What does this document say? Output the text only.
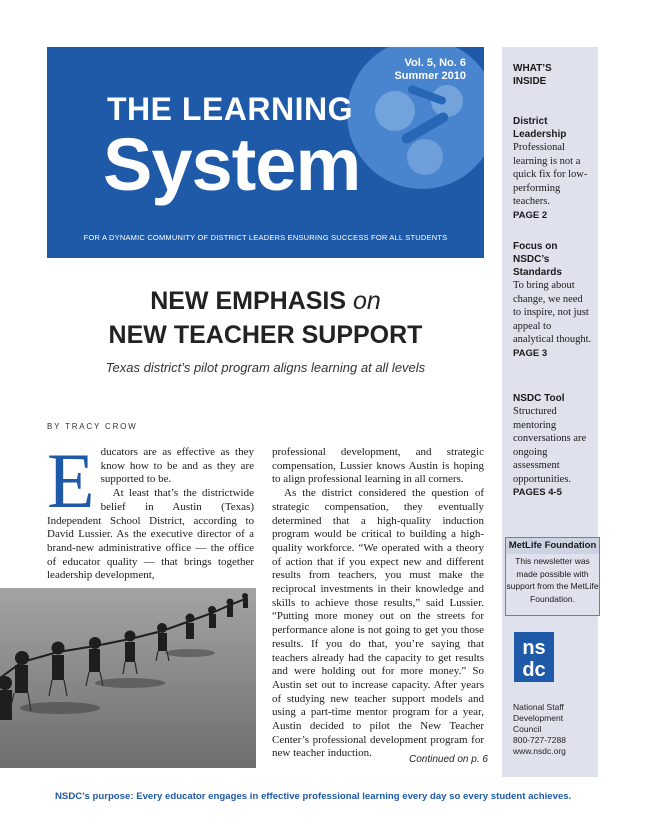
Vol. 5, No. 6
Summer 2010
THE LEARNING
System
FOR A DYNAMIC COMMUNITY OF DISTRICT LEADERS ENSURING SUCCESS FOR ALL STUDENTS
NEW EMPHASIS on
NEW TEACHER SUPPORT
Texas district’s pilot program aligns learning at all levels
BY TRACY CROW

Educators are as effective as they know how to be and as they are supported to be.

At least that’s the districtwide belief in Austin (Texas) Independent School District, according to David Lussier. As the executive director of a brand-new administrative office — the office of educator quality — that brings together leadership development,

professional development, and strategic compensation, Lussier knows Austin is hoping to align professional learning in all corners.

As the district considered the question of strategic compensation, they eventually determined that a high-quality induction program would be critical to building a high-quality workforce. “We operated with a theory of action that if you expect new and different results from teachers, you must make the reciprocal investments in their knowledge and skills to achieve those results,” said Lussier. “Putting more money out on the streets for performance alone is not going to get you those results. If you do that, you’re saying that teachers already had the capacity to get results and were holding out for more money.” So Austin set out to increase capacity. After years of studying new teacher support models and using a part-time mentor program for a year, Austin decided to pilot the New Teacher Center’s professional development program for new teacher induction.

Continued on p. 6
WHAT’S
INSIDE
District Leadership
Professional learning is not a quick fix for low-performing teachers.
PAGE 2
Focus on NSDC’s Standards
To bring about change, we need to inspire, not just appeal to analytical thought.
PAGE 3
NSDC Tool
Structured mentoring conversations are ongoing assessment opportunities.
PAGES 4-5
MetLife Foundation
This newsletter was made possible with support from the MetLife Foundation.
ns
dc
National Staff
Development
Council
800-727-7288
www.nsdc.org
NSDC’s purpose: Every educator engages in effective professional learning every day so every student achieves.
